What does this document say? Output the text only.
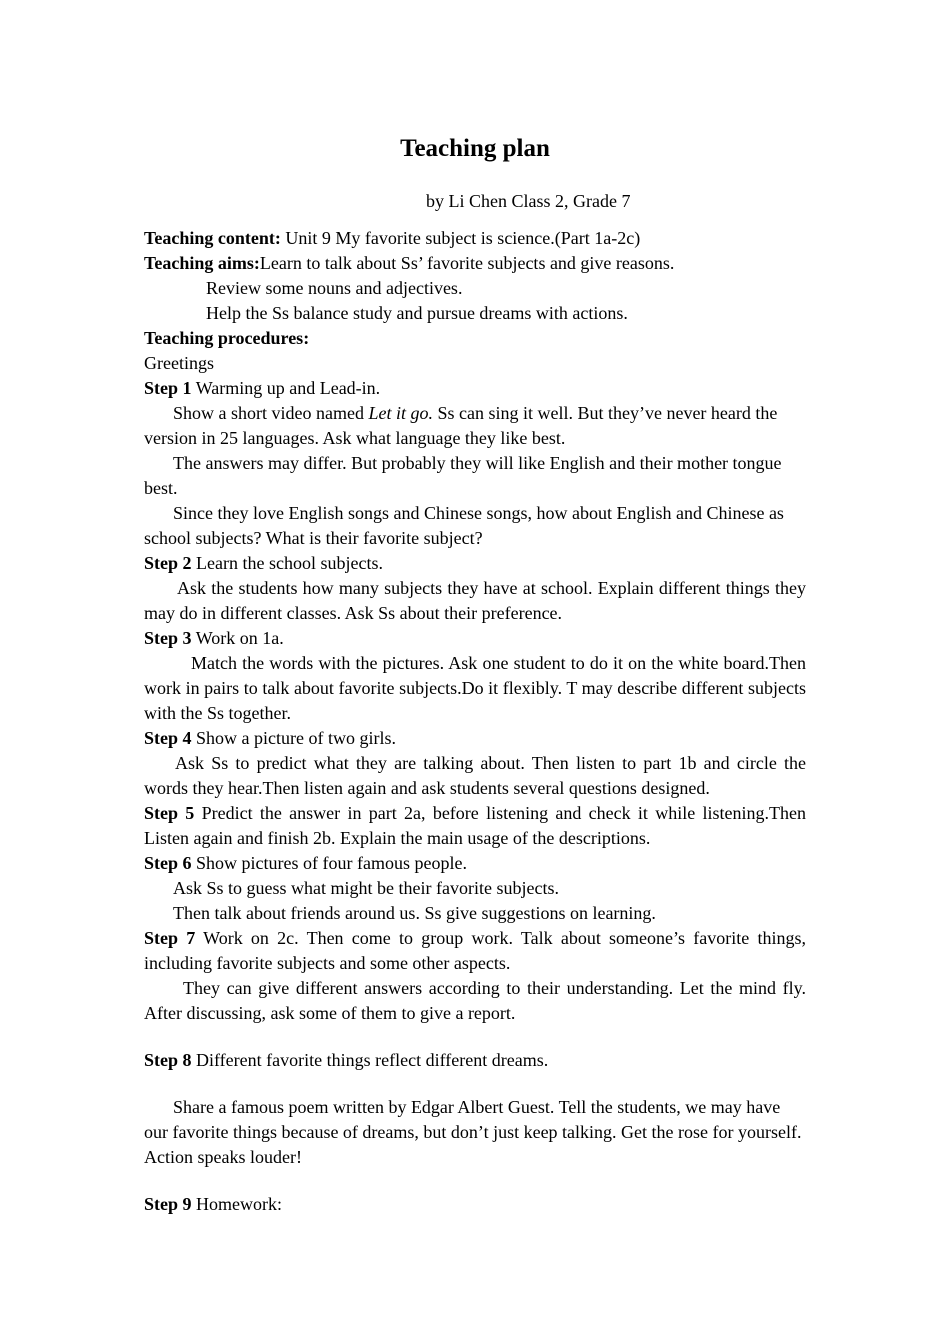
Teaching plan
by Li Chen Class 2, Grade 7

Teaching content: Unit 9 My favorite subject is science.(Part 1a-2c)

Teaching aims:Learn to talk about Ss’ favorite subjects and give reasons.

Review some nouns and adjectives.

Help the Ss balance study and pursue dreams with actions.

Teaching procedures:

Greetings

Step 1 Warming up and Lead-in.

Show a short video named Let it go. Ss can sing it well. But they’ve never heard the version in 25 languages. Ask what language they like best.

The answers may differ. But probably they will like English and their mother tongue best.

Since they love English songs and Chinese songs, how about English and Chinese as school subjects? What is their favorite subject?

Step 2 Learn the school subjects.

Ask the students how many subjects they have at school. Explain different things they may do in different classes. Ask Ss about their preference.

Step 3 Work on 1a.

Match the words with the pictures. Ask one student to do it on the white board.Then work in pairs to talk about favorite subjects.Do it flexibly. T may describe different subjects with the Ss together.

Step 4 Show a picture of two girls.

Ask Ss to predict what they are talking about. Then listen to part 1b and circle the words they hear.Then listen again and ask students several questions designed.

Step 5 Predict the answer in part 2a, before listening and check it while listening.Then Listen again and finish 2b. Explain the main usage of the descriptions.

Step 6 Show pictures of four famous people.

Ask Ss to guess what might be their favorite subjects.

Then talk about friends around us. Ss give suggestions on learning.

Step 7 Work on 2c. Then come to group work. Talk about someone’s favorite things, including favorite subjects and some other aspects.

They can give different answers according to their understanding. Let the mind fly. After discussing, ask some of them to give a report.

Step 8 Different favorite things reflect different dreams.

Share a famous poem written by Edgar Albert Guest. Tell the students, we may have our favorite things because of dreams, but don’t just keep talking. Get the rose for yourself. Action speaks louder!

Step 9 Homework:
